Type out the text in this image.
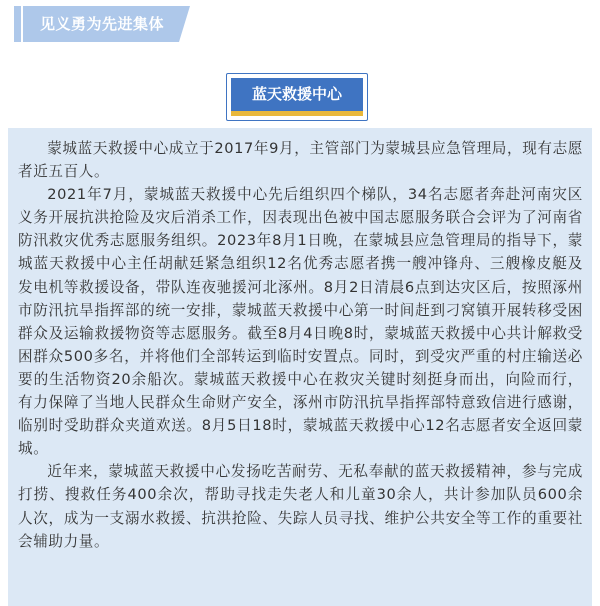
见义勇为先进集体
蓝天救援中心

蒙城蓝天救援中心成立于2017年9月，主管部门为蒙城县应急管理局，现有志愿者近五百人。

2021年7月，蒙城蓝天救援中心先后组织四个梯队，34名志愿者奔赴河南灾区义务开展抗洪抢险及灾后消杀工作，因表现出色被中国志愿服务联合会评为了河南省防汛救灾优秀志愿服务组织。2023年8月1日晚，在蒙城县应急管理局的指导下，蒙城蓝天救援中心主任胡献廷紧急组织12名优秀志愿者携一艘冲锋舟、三艘橡皮艇及发电机等救援设备，带队连夜驰援河北涿州。8月2日清晨6点到达灾区后，按照涿州市防汛抗旱指挥部的统一安排，蒙城蓝天救援中心第一时间赶到刁窝镇开展转移受困群众及运输救援物资等志愿服务。截至8月4日晚8时，蒙城蓝天救援中心共计解救受困群众500多名，并将他们全部转运到临时安置点。同时，到受灾严重的村庄输送必要的生活物资20余船次。蒙城蓝天救援中心在救灾关键时刻挺身而出，向险而行，有力保障了当地人民群众生命财产安全，涿州市防汛抗旱指挥部特意致信进行感谢，临别时受助群众夹道欢送。8月5日18时，蒙城蓝天救援中心12名志愿者安全返回蒙城。

近年来，蒙城蓝天救援中心发扬吃苦耐劳、无私奉献的蓝天救援精神，参与完成打捞、搜救任务400余次，帮助寻找走失老人和儿童30余人，共计参加队员600余人次，成为一支溺水救援、抗洪抢险、失踪人员寻找、维护公共安全等工作的重要社会辅助力量。
